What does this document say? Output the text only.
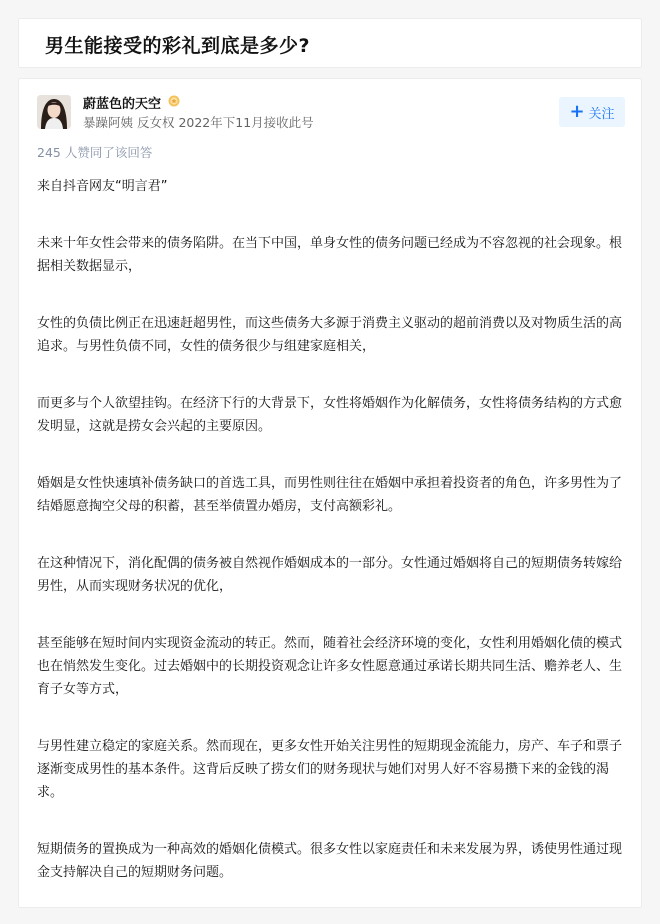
男生能接受的彩礼到底是多少?
蔚蓝色的天空
暴躁阿姨 反女权 2022年下11月接收此号
+ 关注
245 人赞同了该回答

来自抖音网友“明言君”

未来十年女性会带来的债务陷阱。在当下中国，单身女性的债务问题已经成为不容忽视的社会现象。根据相关数据显示，

女性的负债比例正在迅速赶超男性，而这些债务大多源于消费主义驱动的超前消费以及对物质生活的高追求。与男性负债不同，女性的债务很少与组建家庭相关，

而更多与个人欲望挂钩。在经济下行的大背景下，女性将婚姻作为化解债务，女性将债务结构的方式愈发明显，这就是捞女会兴起的主要原因。

婚姻是女性快速填补债务缺口的首选工具，而男性则往往在婚姻中承担着投资者的角色，许多男性为了结婚愿意掏空父母的积蓄，甚至举债置办婚房，支付高额彩礼。

在这种情况下，消化配偶的债务被自然视作婚姻成本的一部分。女性通过婚姻将自己的短期债务转嫁给男性，从而实现财务状况的优化，

甚至能够在短时间内实现资金流动的转正。然而，随着社会经济环境的变化，女性利用婚姻化债的模式也在悄然发生变化。过去婚姻中的长期投资观念让许多女性愿意通过承诺长期共同生活、赡养老人、生育子女等方式，

与男性建立稳定的家庭关系。然而现在，更多女性开始关注男性的短期现金流能力，房产、车子和票子逐渐变成男性的基本条件。这背后反映了捞女们的财务现状与她们对男人好不容易攒下来的金钱的渴求。

短期债务的置换成为一种高效的婚姻化债模式。很多女性以家庭责任和未来发展为界，诱使男性通过现金支持解决自己的短期财务问题。
